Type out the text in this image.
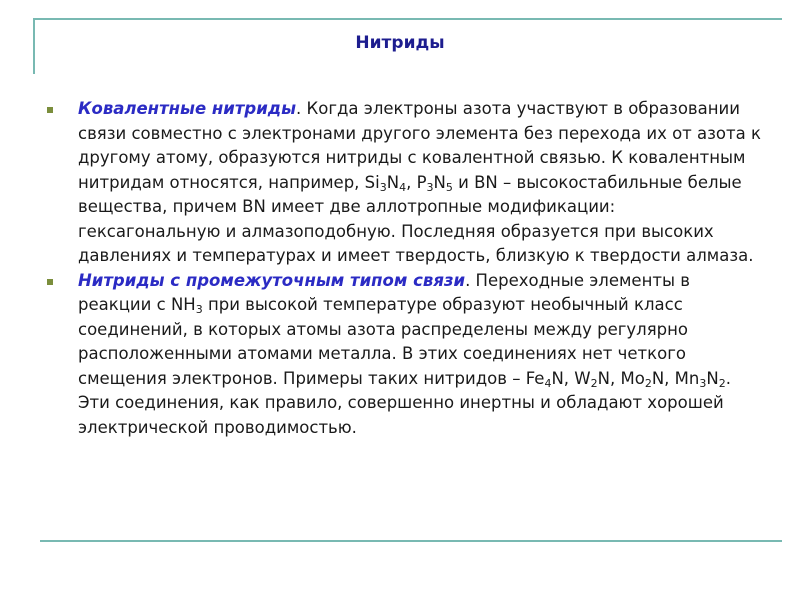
Нитриды
Ковалентные нитриды. Когда электроны азота участвуют в образовании связи совместно с электронами другого элемента без перехода их от азота к другому атому, образуются нитриды с ковалентной связью. К ковалентным нитридам относятся, например, $Si_3N_4$, $P_3N_5$ и BN – высокостабильные белые вещества, причем BN имеет две аллотропные модификации: гексагональную и алмазоподобную. Последняя образуется при высоких давлениях и температурах и имеет твердость, близкую к твердости алмаза.
Нитриды с промежуточным типом связи. Переходные элементы в реакции с $NH_3$ при высокой температуре образуют необычный класс соединений, в которых атомы азота распределены между регулярно расположенными атомами металла. В этих соединениях нет четкого смещения электронов. Примеры таких нитридов – $Fe_4N$, $W_2N$, $Mo_2N$, $Mn_3N_2$. Эти соединения, как правило, совершенно инертны и обладают хорошей электрической проводимостью.
